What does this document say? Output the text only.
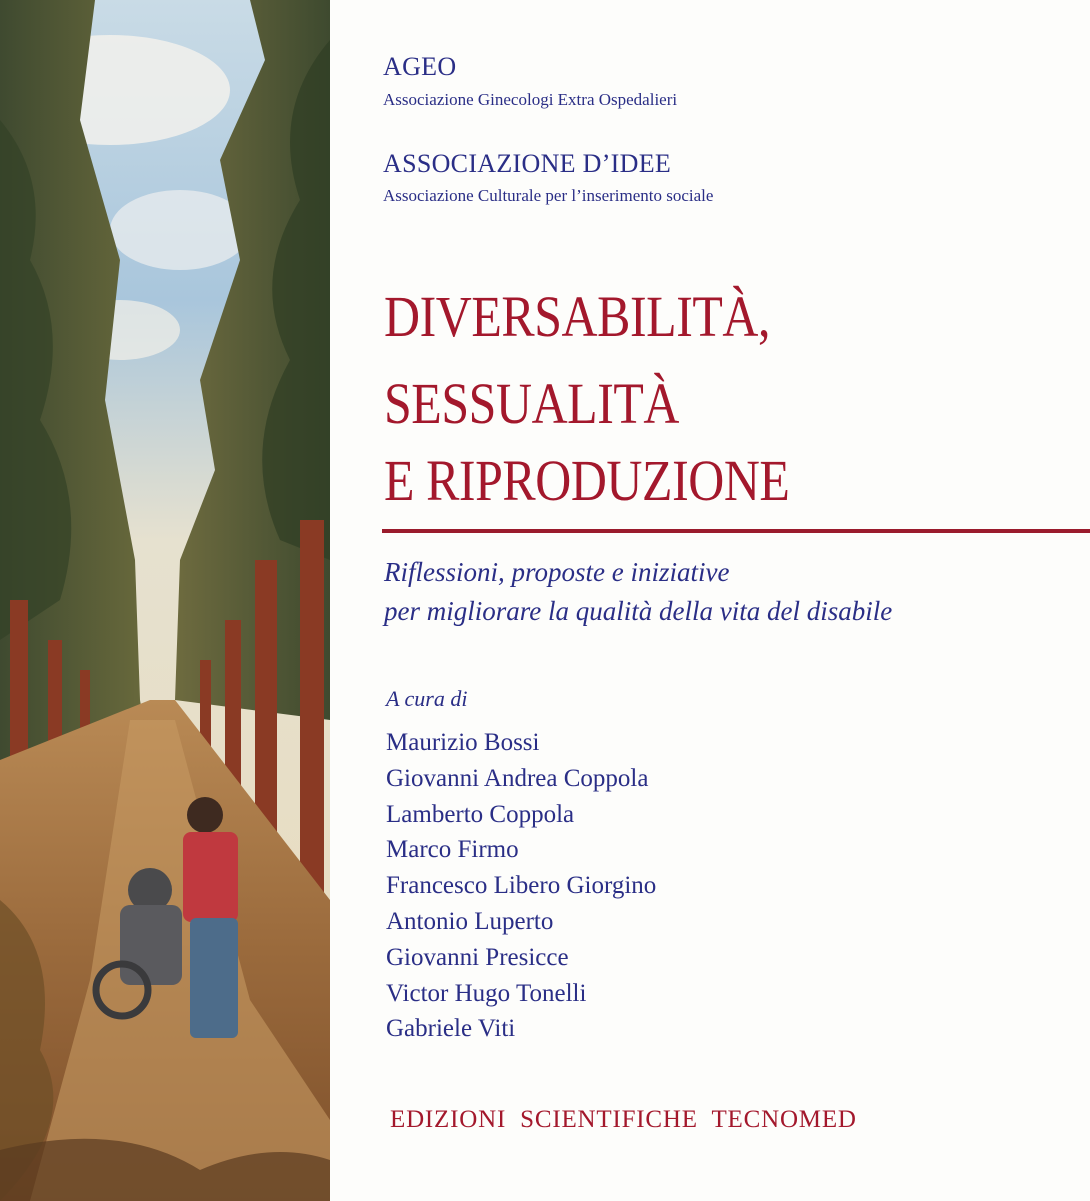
AGEO
Associazione Ginecologi Extra Ospedalieri
ASSOCIAZIONE D’IDEE
Associazione Culturale per l’inserimento sociale
DIVERSABILITÀ,
SESSUALITÀ
E RIPRODUZIONE
Riflessioni, proposte e iniziative
per migliorare la qualità della vita del disabile
A cura di
Maurizio Bossi
Giovanni Andrea Coppola
Lamberto Coppola
Marco Firmo
Francesco Libero Giorgino
Antonio Luperto
Giovanni Presicce
Victor Hugo Tonelli
Gabriele Viti
EDIZIONI  SCIENTIFICHE  TECNOMED
